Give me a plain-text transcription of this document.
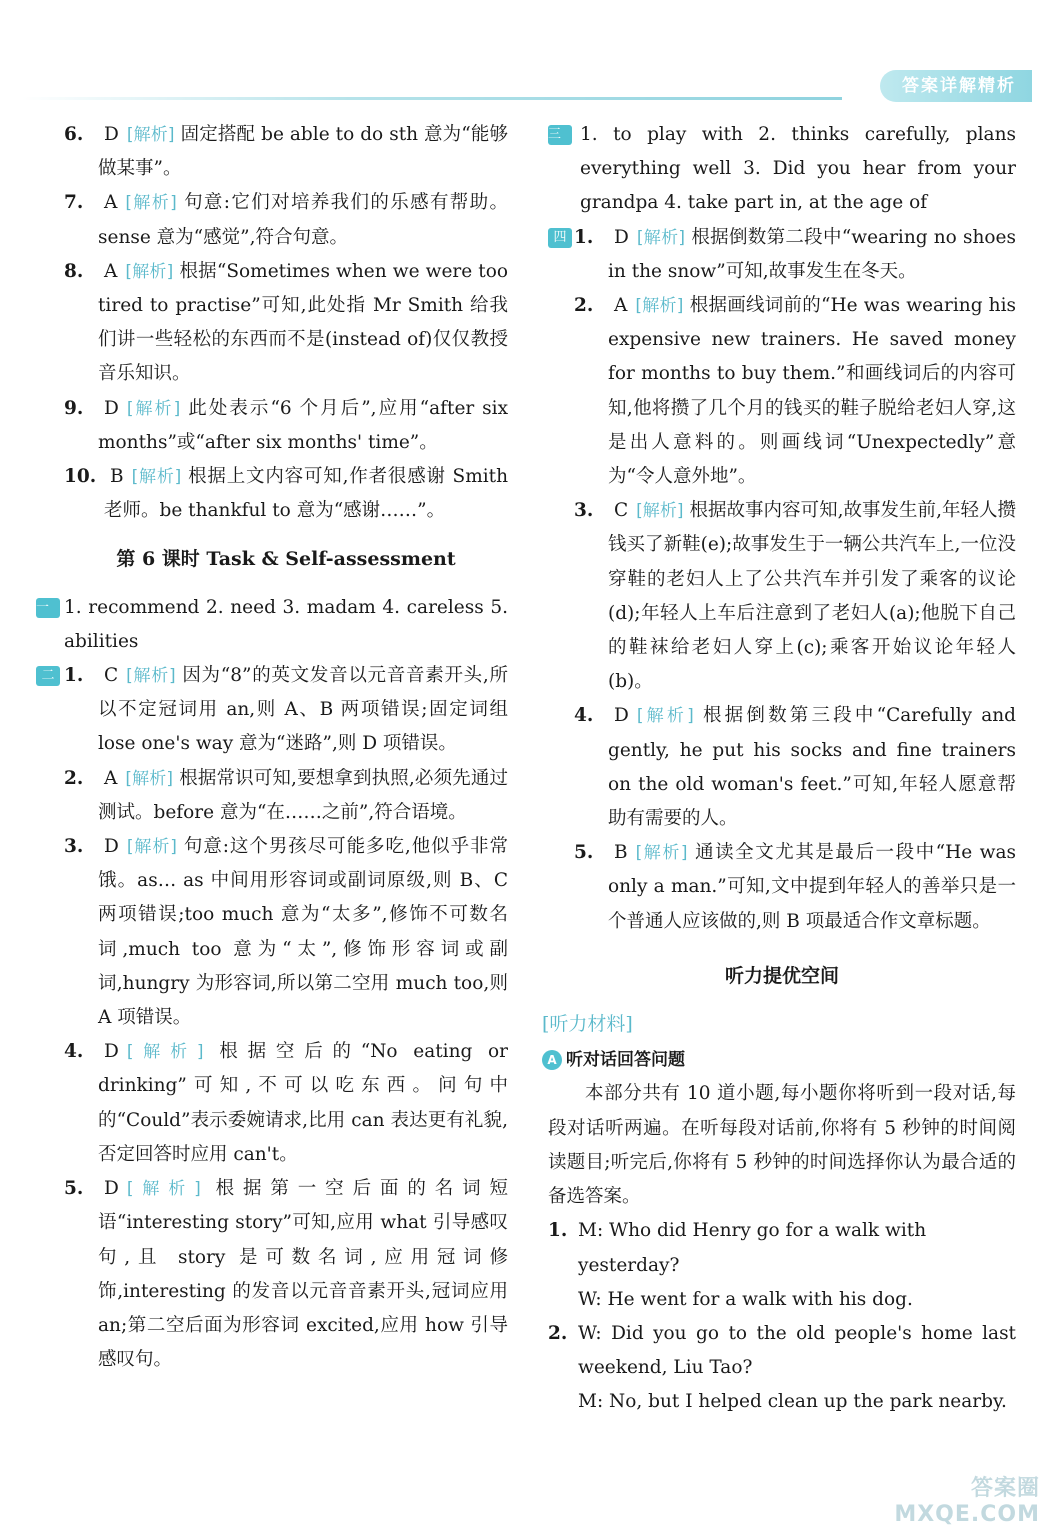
答案详解精析
6. D [解析] 固定搭配 be able to do sth 意为“能够做某事”。
7. A [解析] 句意:它们对培养我们的乐感有帮助。sense 意为“感觉”,符合句意。
8. A [解析] 根据“Sometimes when we were too tired to practise”可知,此处指 Mr Smith 给我们讲一些轻松的东西而不是(instead of)仅仅教授音乐知识。
9. D [解析] 此处表示“6 个月后”,应用“after six months”或“after six months' time”。
10. B [解析] 根据上文内容可知,作者很感谢 Smith 老师。be thankful to 意为“感谢……”。
第 6 课时 Task & Self-assessment
一 1. recommend 2. need 3. madam 4. careless 5. abilities
二 1. C [解析] 因为“8”的英文发音以元音音素开头,所以不定冠词用 an,则 A、B 两项错误;固定词组 lose one's way 意为“迷路”,则 D 项错误。
2. A [解析] 根据常识可知,要想拿到执照,必须先通过测试。before 意为“在……之前”,符合语境。
3. D [解析] 句意:这个男孩尽可能多吃,他似乎非常饿。as… as 中间用形容词或副词原级,则 B、C 两项错误;too much 意为“太多”,修饰不可数名词,much too 意为“太”,修饰形容词或副词,hungry 为形容词,所以第二空用 much too,则 A 项错误。
4. D [解析] 根据空后的“No eating or drinking”可知,不可以吃东西。问句中的“Could”表示委婉请求,比用 can 表达更有礼貌,否定回答时应用 can't。
5. D [解析] 根据第一空后面的名词短语“interesting story”可知,应用 what 引导感叹句,且 story 是可数名词,应用冠词修饰,interesting 的发音以元音音素开头,冠词应用 an;第二空后面为形容词 excited,应用 how 引导感叹句。
三	1. to play with 2. thinks carefully, plans everything well 3. Did you hear from your grandpa 4. take part in, at the age of
四 1. D [解析] 根据倒数第二段中“wearing no shoes in the snow”可知,故事发生在冬天。
2. A [解析] 根据画线词前的“He was wearing his expensive new trainers. He saved money for months to buy them.”和画线词后的内容可知,他将攒了几个月的钱买的鞋子脱给老妇人穿,这是出人意料的。则画线词“Unexpectedly”意为“令人意外地”。
3. C [解析] 根据故事内容可知,故事发生前,年轻人攒钱买了新鞋(e);故事发生于一辆公共汽车上,一位没穿鞋的老妇人上了公共汽车并引发了乘客的议论(d);年轻人上车后注意到了老妇人(a);他脱下自己的鞋袜给老妇人穿上(c);乘客开始议论年轻人(b)。
4. D [解析] 根据倒数第三段中“Carefully and gently, he put his socks and fine trainers on the old woman's feet.”可知,年轻人愿意帮助有需要的人。
5. B [解析] 通读全文尤其是最后一段中“He was only a man.”可知,文中提到年轻人的善举只是一个普通人应该做的,则 B 项最适合作文章标题。
听力提优空间
[听力材料]
A 听对话回答问题
本部分共有 10 道小题,每小题你将听到一段对话,每段对话听两遍。在听每段对话前,你将有 5 秒钟的时间阅读题目;听完后,你将有 5 秒钟的时间选择你认为最合适的备选答案。
1. M: Who did Henry go for a walk with yesterday?
W: He went for a walk with his dog.
2. W: Did you go to the old people's home last weekend, Liu Tao?
M: No, but I helped clean up the park nearby.
答案圈
MXQE.COM
